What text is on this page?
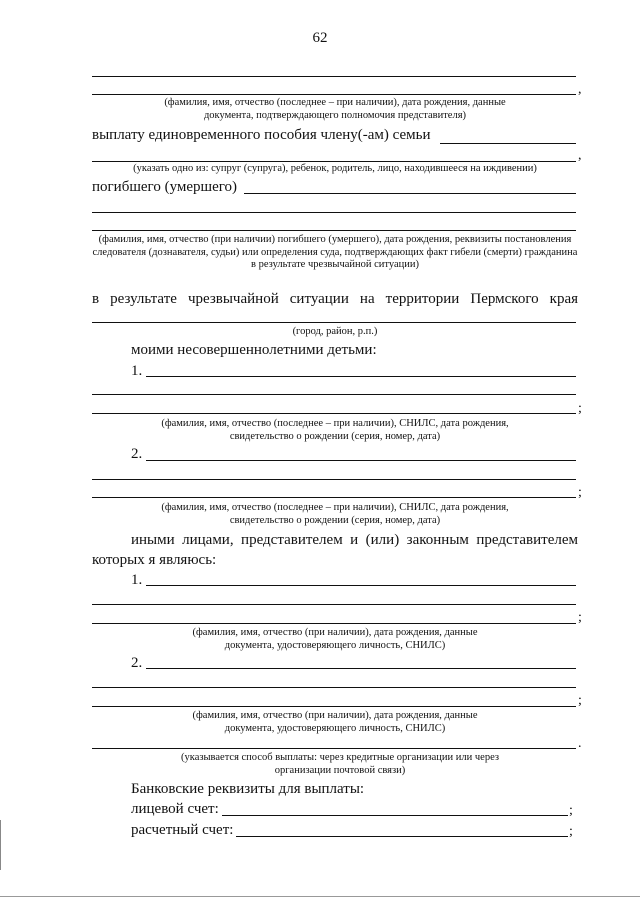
62
,
(фамилия, имя, отчество (последнее – при наличии), дата рождения, данные документа, подтверждающего полномочия представителя)
выплату единовременного пособия члену(-ам) семьи
,
(указать одно из: супруг (супруга), ребенок, родитель, лицо, находившееся на иждивении)
погибшего (умершего)
(фамилия, имя, отчество (при наличии) погибшего (умершего), дата рождения, реквизиты постановления следователя (дознавателя, судьи) или определения суда, подтверждающих факт гибели (смерти) гражданина в результате чрезвычайной ситуации)
в результате чрезвычайной ситуации на территории Пермского края
(город, район, р.п.)
моими несовершеннолетними детьми:
1.
;
(фамилия, имя, отчество (последнее – при наличии), СНИЛС, дата рождения, свидетельство о рождении (серия, номер, дата)
2.
;
(фамилия, имя, отчество (последнее – при наличии), СНИЛС, дата рождения, свидетельство о рождении (серия, номер, дата)
иными лицами, представителем и (или) законным представителем
которых я являюсь:
1.
;
(фамилия, имя, отчество (при наличии), дата рождения, данные документа, удостоверяющего личность, СНИЛС)
2.
;
(фамилия, имя, отчество (при наличии), дата рождения, данные документа, удостоверяющего личность, СНИЛС)
.
(указывается способ выплаты: через кредитные организации или через организации почтовой связи)
Банковские реквизиты для выплаты:
лицевой счет:	;
расчетный счет:	;
